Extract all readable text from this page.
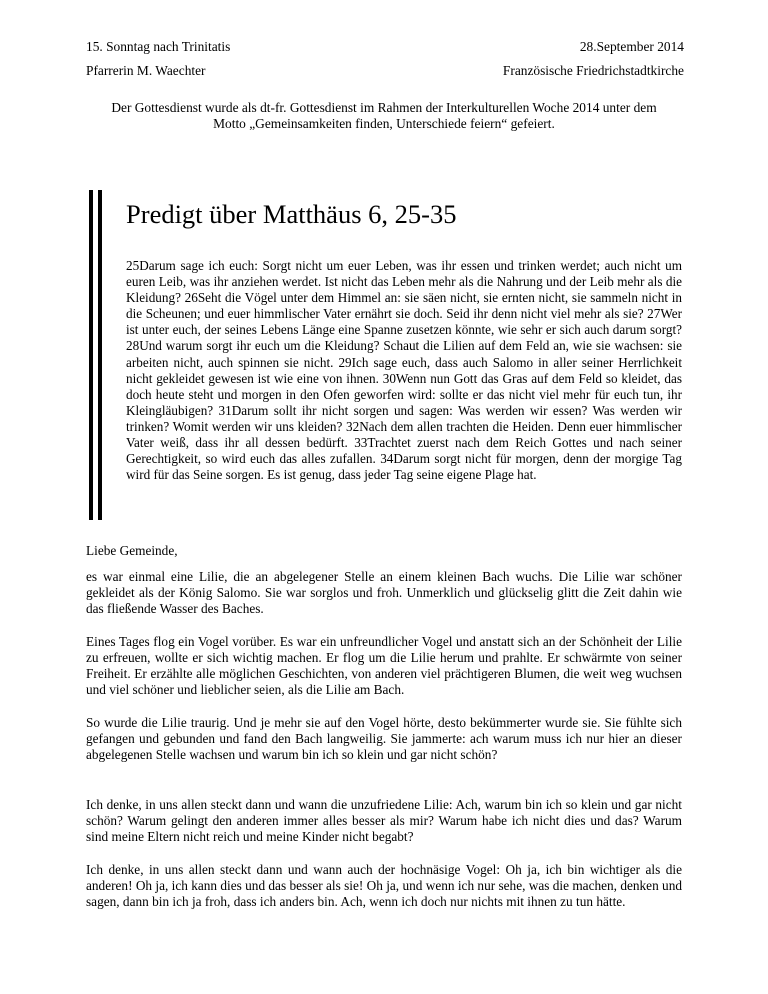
15. Sonntag nach Trinitatis	28.September 2014
Pfarrerin M. Waechter	Französische Friedrichstadtkirche
Der Gottesdienst wurde als dt-fr. Gottesdienst im Rahmen der Interkulturellen Woche 2014 unter dem Motto „Gemeinsamkeiten finden, Unterschiede feiern“ gefeiert.
Predigt über Matthäus 6, 25-35

25Darum sage ich euch: Sorgt nicht um euer Leben, was ihr essen und trinken werdet; auch nicht um euren Leib, was ihr anziehen werdet. Ist nicht das Leben mehr als die Nahrung und der Leib mehr als die Kleidung? 26Seht die Vögel unter dem Himmel an: sie säen nicht, sie ernten nicht, sie sammeln nicht in die Scheunen; und euer himmlischer Vater ernährt sie doch. Seid ihr denn nicht viel mehr als sie? 27Wer ist unter euch, der seines Lebens Länge eine Spanne zusetzen könnte, wie sehr er sich auch darum sorgt? 28Und warum sorgt ihr euch um die Kleidung? Schaut die Lilien auf dem Feld an, wie sie wachsen: sie arbeiten nicht, auch spinnen sie nicht. 29Ich sage euch, dass auch Salomo in aller seiner Herrlichkeit nicht gekleidet gewesen ist wie eine von ihnen. 30Wenn nun Gott das Gras auf dem Feld so kleidet, das doch heute steht und morgen in den Ofen geworfen wird: sollte er das nicht viel mehr für euch tun, ihr Kleingläubigen? 31Darum sollt ihr nicht sorgen und sagen: Was werden wir essen? Was werden wir trinken? Womit werden wir uns kleiden? 32Nach dem allen trachten die Heiden. Denn euer himmlischer Vater weiß, dass ihr all dessen bedürft. 33Trachtet zuerst nach dem Reich Gottes und nach seiner Gerechtigkeit, so wird euch das alles zufallen. 34Darum sorgt nicht für morgen, denn der morgige Tag wird für das Seine sorgen. Es ist genug, dass jeder Tag seine eigene Plage hat.

Liebe Gemeinde,

es war einmal eine Lilie, die an abgelegener Stelle an einem kleinen Bach wuchs. Die Lilie war schöner gekleidet als der König Salomo. Sie war sorglos und froh. Unmerklich und glückselig glitt die Zeit dahin wie das fließende Wasser des Baches.

Eines Tages flog ein Vogel vorüber. Es war ein unfreundlicher Vogel und anstatt sich an der Schönheit der Lilie zu erfreuen, wollte er sich wichtig machen. Er flog um die Lilie herum und prahlte. Er schwärmte von seiner Freiheit. Er erzählte alle möglichen Geschichten, von anderen viel prächtigeren Blumen, die weit weg wuchsen und viel schöner und lieblicher seien, als die Lilie am Bach.

So wurde die Lilie traurig. Und je mehr sie auf den Vogel hörte, desto bekümmerter wurde sie. Sie fühlte sich gefangen und gebunden und fand den Bach langweilig. Sie jammerte: ach warum muss ich nur hier an dieser abgelegenen Stelle wachsen und warum bin ich so klein und gar nicht schön?

Ich denke, in uns allen steckt dann und wann die unzufriedene Lilie: Ach, warum bin ich so klein und gar nicht schön? Warum gelingt den anderen immer alles besser als mir? Warum habe ich nicht dies und das? Warum sind meine Eltern nicht reich und meine Kinder nicht begabt?

Ich denke, in uns allen steckt dann und wann auch der hochnäsige Vogel: Oh ja, ich bin wichtiger als die anderen! Oh ja, ich kann dies und das besser als sie! Oh ja, und wenn ich nur sehe, was die machen, denken und sagen, dann bin ich ja froh, dass ich anders bin. Ach, wenn ich doch nur nichts mit ihnen zu tun hätte.
